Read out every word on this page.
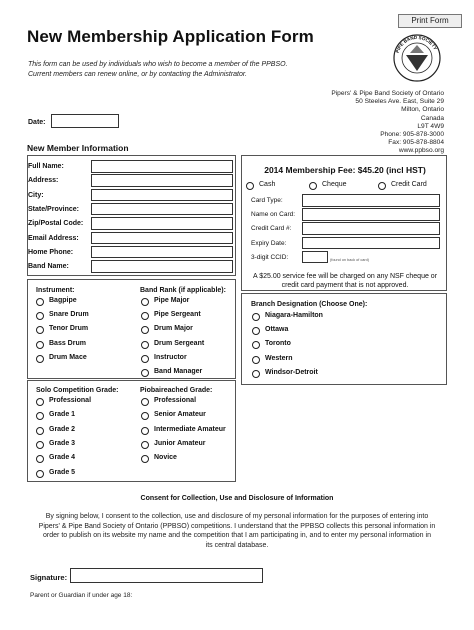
Print Form
New Membership Application Form
This form can be used by individuals who wish to become a member of the PPBSO.
Current members can renew online, or by contacting the Administrator.
PIPE BAND SOCIETY
Pipers' & Pipe Band Society of Ontario
50 Steeles Ave. East, Suite 29
Milton, Ontario
Canada
L9T 4W9
Phone: 905-878-3000
Fax: 905-878-8804
www.ppbso.org
Date:
New Member Information
Full Name:
Address:
City:
State/Province:
Zip/Postal Code:
Email Address:
Home Phone:
Band Name:
2014 Membership Fee: $45.20 (incl HST)
Cash	Cheque	Credit Card
Card Type:
Name on Card:
Credit Card #:
Expiry Date:
3-digit CCID:	(found on back of card)
A $25.00 service fee will be charged on any NSF cheque or
credit card payment that is not approved.
Instrument:	Band Rank (if applicable):
Bagpipe
Snare Drum
Tenor Drum
Bass Drum
Drum Mace
Pipe Major
Pipe Sergeant
Drum Major
Drum Sergeant
Instructor
Band Manager
Branch Designation (Choose One):
Niagara-Hamilton
Ottawa
Toronto
Western
Windsor-Detroit
Solo Competition Grade:	Piobaireached Grade:
Professional
Grade 1
Grade 2
Grade 3
Grade 4
Grade 5
Professional
Senior Amateur
Intermediate Amateur
Junior Amateur
Novice
Consent for Collection, Use and Disclosure of Information
By signing below, I consent to the collection, use and disclosure of my personal information for the purposes of entering into
Pipers' & Pipe Band Society of Ontario (PPBSO) competitions. I understand that the PPBSO collects this personal information in
order to publish on its website my name and the competition that I am participating in, and to enter my personal information in
its central database.
Signature:
Parent or Guardian if under age 18:
